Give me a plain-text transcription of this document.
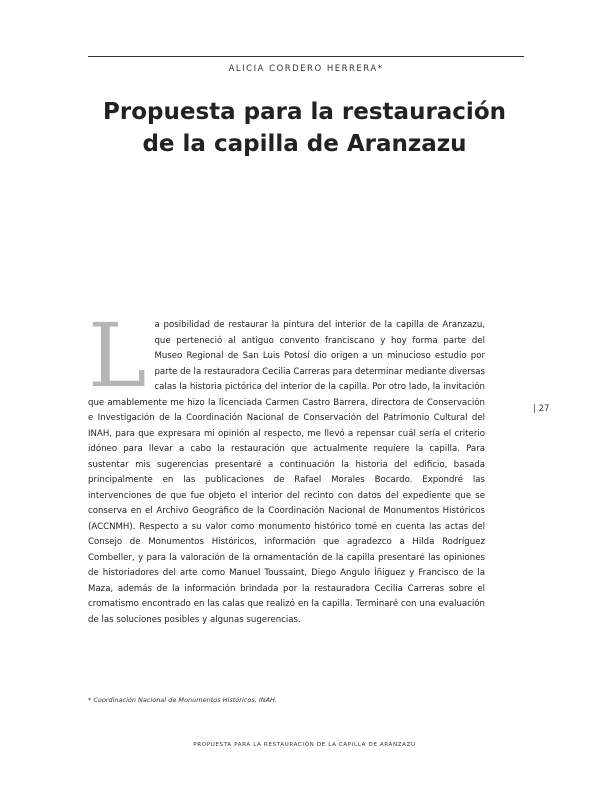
ALICIA CORDERO HERRERA*
Propuesta para la restauración
de la capilla de Aranzazu

La posibilidad de restaurar la pintura del interior de la capilla de Aranzazu, que perteneció al antiguo convento franciscano y hoy forma parte del Museo Regional de San Luis Potosí dio origen a un minucioso estudio por parte de la restauradora Cecilia Carreras para determinar mediante diversas calas la historia pictórica del interior de la capilla. Por otro lado, la invitación que amablemente me hizo la licenciada Carmen Castro Barrera, directora de Conservación e Investigación de la Coordinación Nacional de Conservación del Patrimonio Cultural del INAH, para que expresara mi opinión al respecto, me llevó a repensar cuál sería el criterio idóneo para llevar a cabo la restauración que actualmente requiere la capilla. Para sustentar mis sugerencias presentaré a continuación la historia del edificio, basada principalmente en las publicaciones de Rafael Morales Bocardo. Expondré las intervenciones de que fue objeto el interior del recinto con datos del expediente que se conserva en el Archivo Geográfico de la Coordinación Nacional de Monumentos Históricos (ACCNMH). Respecto a su valor como monumento histórico tomé en cuenta las actas del Consejo de Monumentos Históricos, información que agradezco a Hilda Rodríguez Combeller, y para la valoración de la ornamentación de la capilla presentaré las opiniones de historiadores del arte como Manuel Toussaint, Diego Angulo Íñiguez y Francisco de la Maza, además de la información brindada por la restauradora Cecilia Carreras sobre el cromatismo encontrado en las calas que realizó en la capilla. Terminaré con una evaluación de las soluciones posibles y algunas sugerencias.

| 27
* Coordinación Nacional de Monumentos Históricos, INAH.
PROPUESTA PARA LA RESTAURACIÓN DE LA CAPILLA DE ARANZAZU
